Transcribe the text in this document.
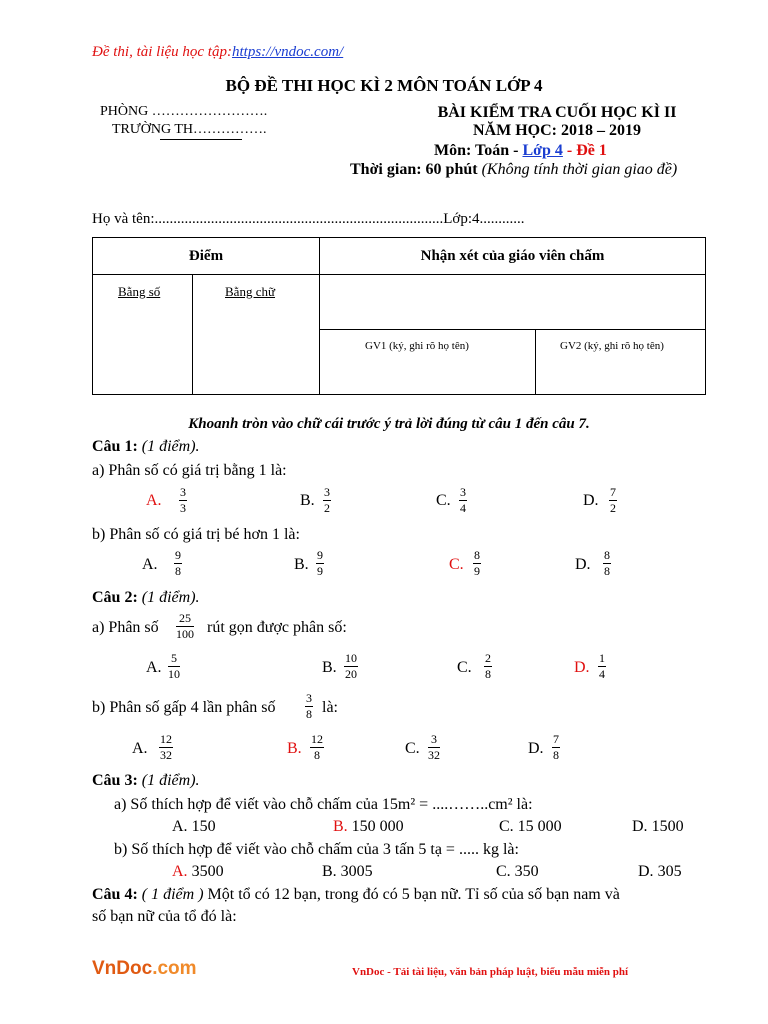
Đề thi, tài liệu học tập:https://vndoc.com/
BỘ ĐỀ THI HỌC KÌ 2 MÔN TOÁN LỚP 4
PHÒNG …………………….
TRƯỜNG TH…………….
BÀI KIỂM TRA CUỐI HỌC KÌ II
NĂM HỌC: 2018 – 2019
Môn: Toán - Lớp 4 - Đề 1
Thời gian: 60 phút (Không tính thời gian giao đề)
Họ và tên:.............................................................................Lớp:4............
Điểm		Nhận xét của giáo viên chấm	

Bằng số	Bằng chữ		

		GV1 (ký, ghi rõ họ tên)	GV2 (ký, ghi rõ họ tên)
Khoanh tròn vào chữ cái trước ý trả lời đúng từ câu 1 đến câu 7.
Câu 1: (1 điểm).
a) Phân số có giá trị bằng 1 là:
A. 3
3	B. 3
2	C. 3
4	D. 7
2
b) Phân số có giá trị bé hơn 1 là:
A.
9
8	B.
9
9	C.
8
9	D.
8
8
Câu 2: (1 điểm).
a) Phân số
25
100 rút gọn được phân số:
A.
5
10	B.
10
20	C.
2
8	D.
1
4
b) Phân số gấp 4 lần phân số
3
8 là:
A.
12
32	B.
12
8	C.
3
32	D.
7
8
Câu 3: (1 điểm).
a) Số thích hợp để viết vào chỗ chấm của 15m² = ....……..cm² là:
A. 150	B. 150 000	C. 15 000	D. 1500
b) Số thích hợp để viết vào chỗ chấm của 3 tấn 5 tạ = ..... kg là:
A. 3500	B. 3005	C. 350	D. 305
Câu 4: ( 1 điểm ) Một tổ có 12 bạn, trong đó có 5 bạn nữ. Tỉ số của số bạn nam và
số bạn nữ của tổ đó là:
VnDoc.com	VnDoc - Tải tài liệu, văn bản pháp luật, biểu mẫu miễn phí
